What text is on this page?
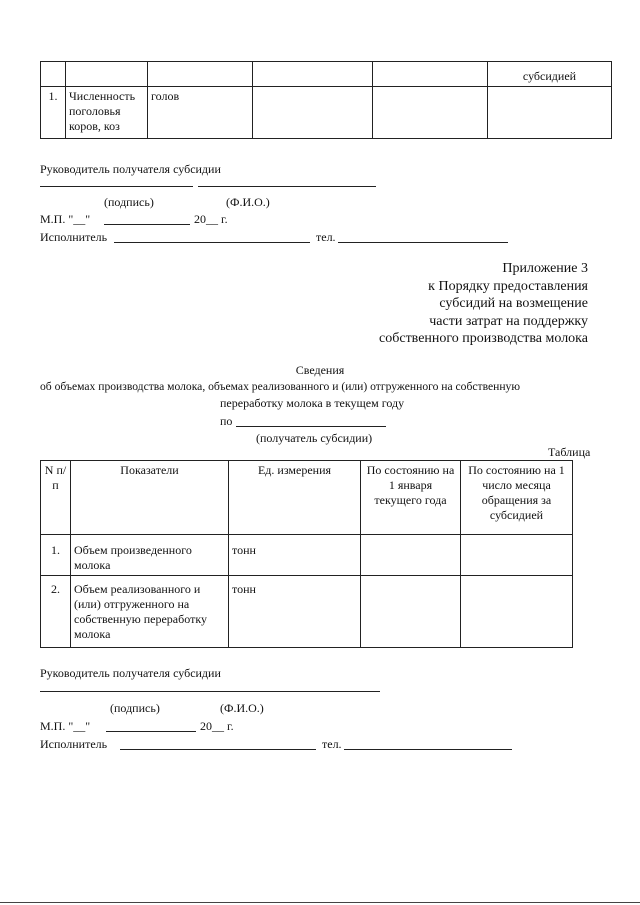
					субсидией
1.	Численность поголовья коров, коз	голов			
Руководитель получателя субсидии
(подпись)	(Ф.И.О.)
М.П. "__"	20__ г.
Исполнитель	тел.
Приложение 3
к Порядку предоставления
субсидий на возмещение
части затрат на поддержку
собственного производства молока
Сведения
об объемах производства молока, объемах реализованного и (или) отгруженного на собственную
переработку молока в текущем году
по
(получатель субсидии)
Таблица
N п/п	Показатели	Ед. измерения	По состоянию на 1 января текущего года	По состоянию на 1 число месяца обращения за субсидией
1.	Объем произведенного молока	тонн		
2.	Объем реализованного и (или) отгруженного на собственную переработку молока	тонн		
Руководитель получателя субсидии
(подпись)	(Ф.И.О.)
М.П. "__"	20__ г.
Исполнитель	тел.
